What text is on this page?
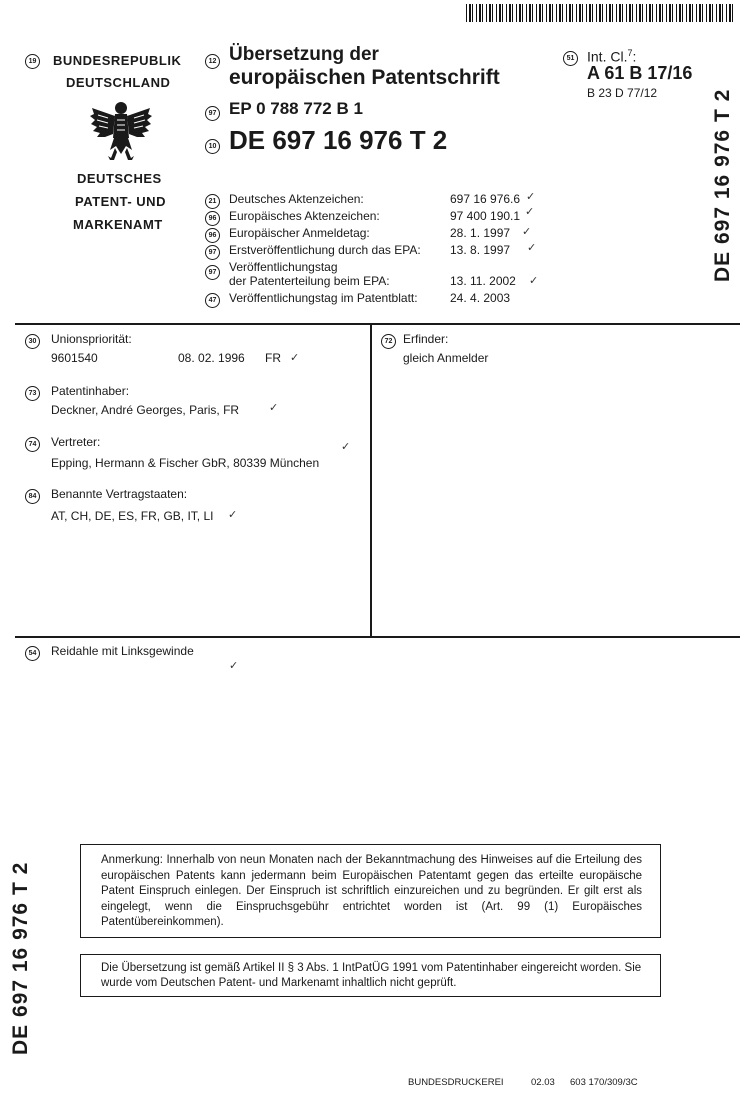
19 BUNDESREPUBLIK
DEUTSCHLAND
DEUTSCHES
PATENT- UND
MARKENAMT
12 Übersetzung der
europäischen Patentschrift
97 EP 0 788 772 B 1
10 DE 697 16 976 T 2
51 Int. Cl.$^7$:
A 61 B 17/16
B 23 D 77/12	DE 697 16 976 T 2
21	Deutsches Aktenzeichen:	697 16 976.6 ✓
96	Europäisches Aktenzeichen:	97 400 190.1 ✓
96	Europäischer Anmeldetag:	28. 1. 1997 ✓
97	Erstveröffentlichung durch das EPA: 13. 8. 1997 ✓
97	Veröffentlichungstag
der Patenterteilung beim EPA:	13. 11. 2002 ✓
47	Veröffentlichungstag im Patentblatt:	24. 4. 2003
30	Unionspriorität:
9601540	08. 02. 1996 FR ✓
73	Patentinhaber:
Deckner, André Georges, Paris, FR	✓
74	Vertreter:	✓
Epping, Hermann & Fischer GbR, 80339 München
84	Benannte Vertragstaaten:
AT, CH, DE, ES, FR, GB, IT, LI ✓
72 Erfinder:
gleich Anmelder
54	Reidahle mit Linksgewinde
✓
DE 697 16 976 T 2
Anmerkung: Innerhalb von neun Monaten nach der Bekanntmachung des Hinweises auf die Erteilung des europäischen Patents kann jedermann beim Europäischen Patentamt gegen das erteilte europäische Patent Einspruch einlegen. Der Einspruch ist schriftlich einzureichen und zu begründen. Er gilt erst als eingelegt, wenn die Einspruchsgebühr entrichtet worden ist (Art. 99 (1) Europäisches Patentübereinkommen).
Die Übersetzung ist gemäß Artikel II § 3 Abs. 1 IntPatÜG 1991 vom Patentinhaber eingereicht worden. Sie wurde vom Deutschen Patent- und Markenamt inhaltlich nicht geprüft.
BUNDESDRUCKEREI	02.03 603 170/309/3C
